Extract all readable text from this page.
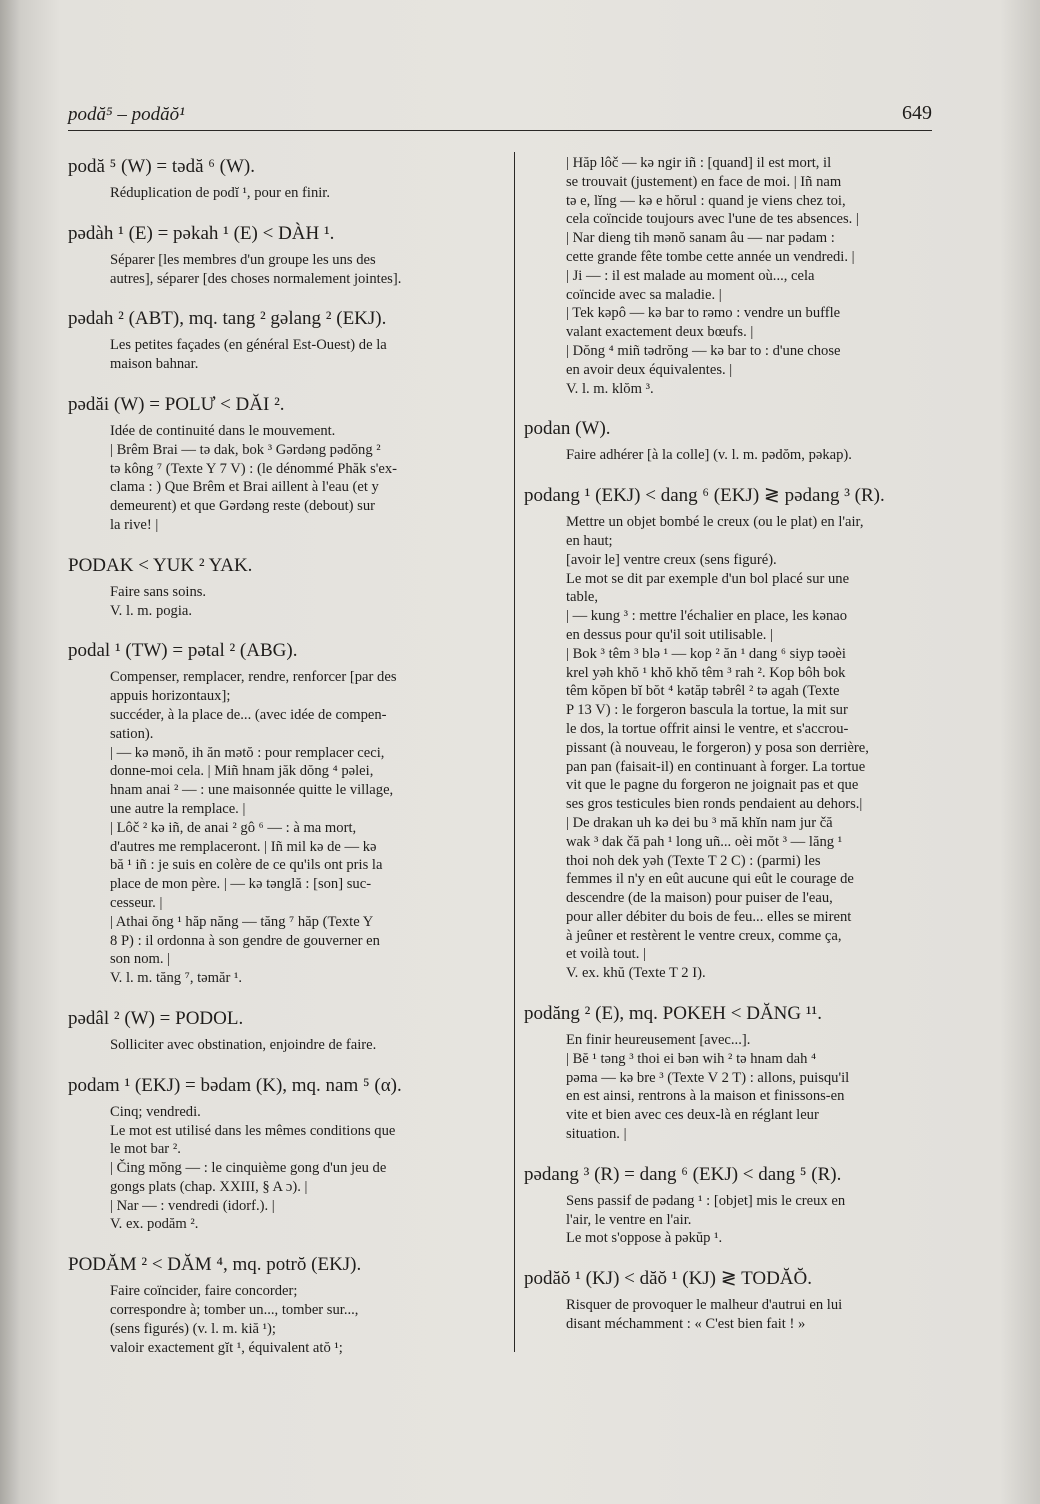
podă⁵ – podăŏ¹	649
podă ⁵ (W) = tədă ⁶ (W).
Réduplication de podĭ ¹, pour en finir.
pədàh ¹ (E) = pəkah ¹ (E) < DÀH ¹.
Séparer [les membres d'un groupe les uns des
autres], séparer [des choses normalement jointes].
pədah ² (ABT), mq. tang ² gəlang ² (EKJ).
Les petites façades (en général Est-Ouest) de la
maison bahnar.
pədăi (W) = POLƯ < DĂI ².
Idée de continuité dans le mouvement.
| Brêm Brai — tə dak, bok ³ Gərdəng pədŏng ²
tə kông ⁷ (Texte Y 7 V) : (le dénommé Phăk s'ex-
clama : ) Que Brêm et Brai aillent à l'eau (et y
demeurent) et que Gərdəng reste (debout) sur
la rive! |
PODAK < YUK ² YAK.
Faire sans soins.
V. l. m. pogia.
podal ¹ (TW) = pətal ² (ABG).
Compenser, remplacer, rendre, renforcer [par des
appuis horizontaux];
succéder, à la place de... (avec idée de compen-
sation).
| — kə mənŏ, ih ăn mətŏ : pour remplacer ceci,
donne-moi cela. | Miñ hnam jăk dŏng ⁴ pəlei,
hnam anai ² — : une maisonnée quitte le village,
une autre la remplace. |
| Lôč ² kə iñ, de anai ² gô ⁶ — : à ma mort,
d'autres me remplaceront. | Iñ mil kə de — kə
bă ¹ iñ : je suis en colère de ce qu'ils ont pris la
place de mon père. | — kə tənglă : [son] suc-
cesseur. |
| Athai ŏng ¹ hăp năng — tăng ⁷ hăp (Texte Y
8 P) : il ordonna à son gendre de gouverner en
son nom. |
V. l. m. tăng ⁷, təmăr ¹.
pədâl ² (W) = PODOL.
Solliciter avec obstination, enjoindre de faire.
podam ¹ (EKJ) = bədam (K), mq. nam ⁵ (α).
Cinq; vendredi.
Le mot est utilisé dans les mêmes conditions que
le mot bar ².
| Čing mŏng — : le cinquième gong d'un jeu de
gongs plats (chap. XXIII, § A ɔ). |
| Nar — : vendredi (idorf.). |
V. ex. podăm ².
PODĂM ² < DĂM ⁴, mq. potrŏ (EKJ).
Faire coïncider, faire concorder;
correspondre à; tomber un..., tomber sur...,
(sens figurés) (v. l. m. kiă ¹);
valoir exactement gĭt ¹, équivalent atŏ ¹;
| Hăp lôč — kə ngir iñ : [quand] il est mort, il
se trouvait (justement) en face de moi. | Iñ nam
tə e, lĭng — kə e hŏrul : quand je viens chez toi,
cela coïncide toujours avec l'une de tes absences. |
| Nar dieng tih mənŏ sanam âu — nar pədam :
cette grande fête tombe cette année un vendredi. |
| Ji — : il est malade au moment où..., cela
coïncide avec sa maladie. |
| Tek kəpô — kə bar to rəmo : vendre un buffle
valant exactement deux bœufs. |
| Dŏng ⁴ miñ tədrŏng — kə bar to : d'une chose
en avoir deux équivalentes. |
V. l. m. klŏm ³.
podan (W).
Faire adhérer [à la colle] (v. l. m. pədŏm, pəkap).
podang ¹ (EKJ) < dang ⁶ (EKJ) ≷ pədang ³ (R).
Mettre un objet bombé le creux (ou le plat) en l'air,
en haut;
[avoir le] ventre creux (sens figuré).
Le mot se dit par exemple d'un bol placé sur une
table,
| — kung ³ : mettre l'échalier en place, les kənao
en dessus pour qu'il soit utilisable. |
| Bok ³ têm ³ blə ¹ — kop ² ăn ¹ dang ⁶ siyp təoèi
krel yəh khŏ ¹ khŏ khŏ têm ³ rah ². Kop bôh bok
têm kŏpen bĭ bŏt ⁴ kətăp təbrêl ² tə agah (Texte
P 13 V) : le forgeron bascula la tortue, la mit sur
le dos, la tortue offrit ainsi le ventre, et s'accrou-
pissant (à nouveau, le forgeron) y posa son derrière,
pan pan (faisait-il) en continuant à forger. La tortue
vit que le pagne du forgeron ne joignait pas et que
ses gros testicules bien ronds pendaient au dehors.|
| De drakan uh kə dei bu ³ mă khĭn nam jur čă
wak ³ dak čă pah ¹ long uñ... oèi mŏt ³ — lăng ¹
thoi noh dek yəh (Texte T 2 C) : (parmi) les
femmes il n'y en eût aucune qui eût le courage de
descendre (de la maison) pour puiser de l'eau,
pour aller débiter du bois de feu... elles se mirent
à jeûner et restèrent le ventre creux, comme ça,
et voilà tout. |
V. ex. khŭ (Texte T 2 I).
podăng ² (E), mq. POKEH < DĂNG ¹¹.
En finir heureusement [avec...].
| Bĕ ¹ təng ³ thoi ei bən wih ² tə hnam dah ⁴
pəma — kə bre ³ (Texte V 2 T) : allons, puisqu'il
en est ainsi, rentrons à la maison et finissons-en
vite et bien avec ces deux-là en réglant leur
situation. |
pədang ³ (R) = dang ⁶ (EKJ) < dang ⁵ (R).
Sens passif de pədang ¹ : [objet] mis le creux en
l'air, le ventre en l'air.
Le mot s'oppose à pəkŭp ¹.
podăŏ ¹ (KJ) < dăŏ ¹ (KJ) ≷ TODĂŎ.
Risquer de provoquer le malheur d'autrui en lui
disant méchamment : « C'est bien fait ! »
